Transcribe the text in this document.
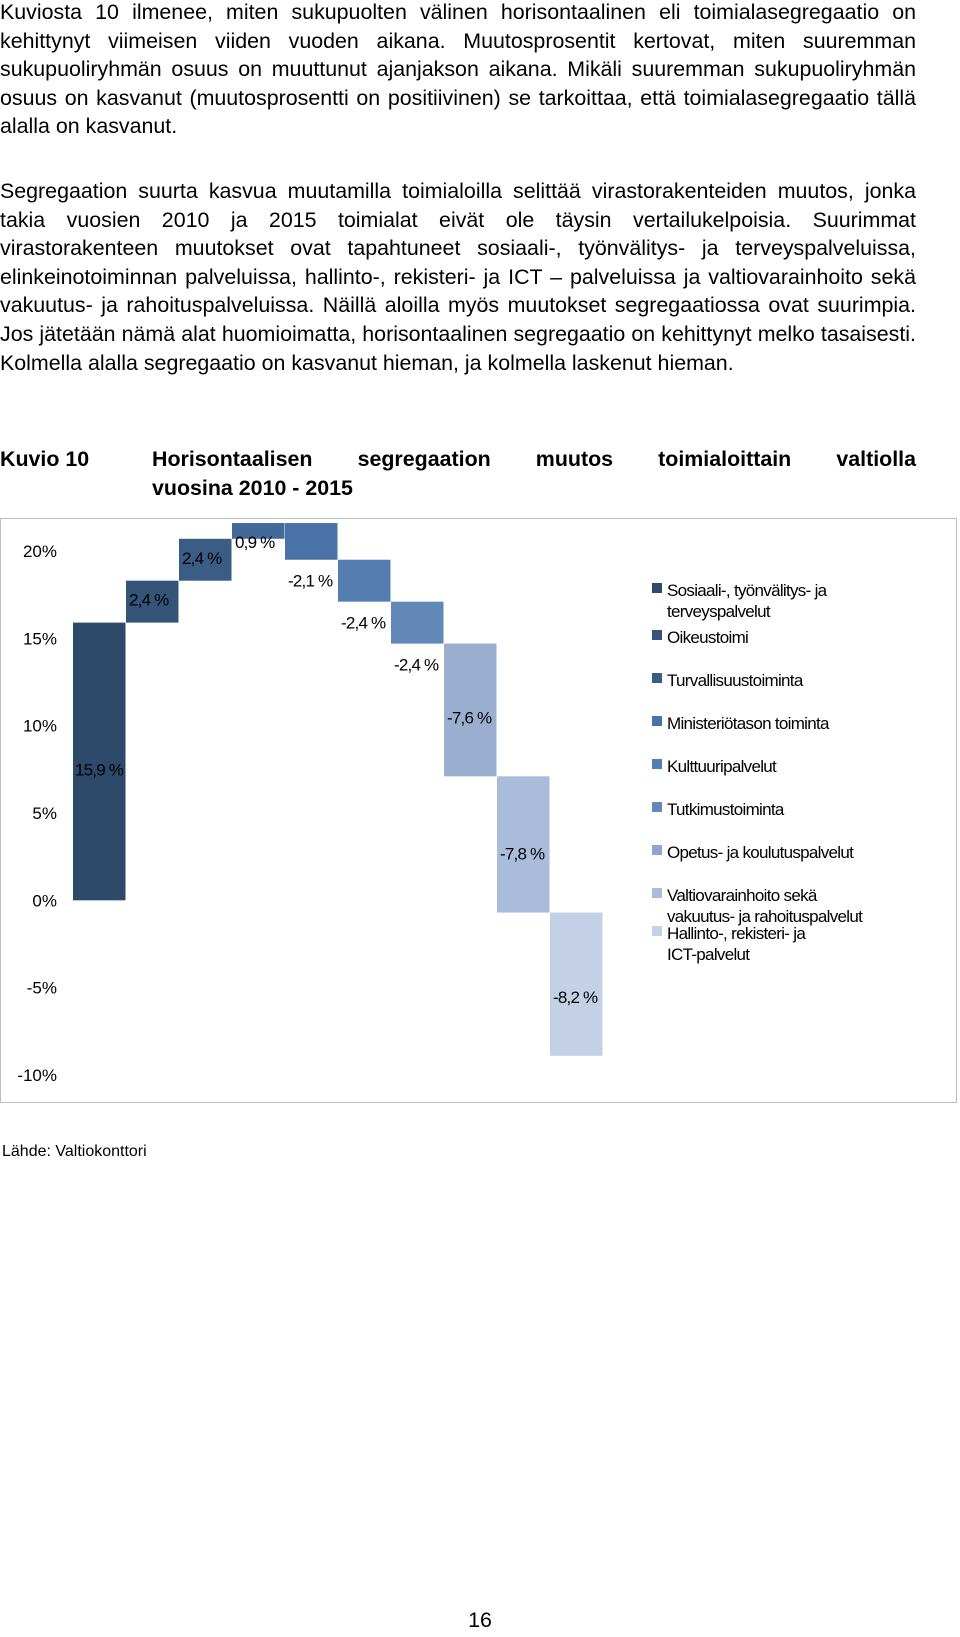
Kuviosta 10 ilmenee, miten sukupuolten välinen horisontaalinen eli toimialasegregaatio on kehittynyt viimeisen viiden vuoden aikana. Muutosprosentit kertovat, miten suuremman sukupuoliryhmän osuus on muuttunut ajanjakson aikana. Mikäli suuremman sukupuoliryhmän osuus on kasvanut (muutosprosentti on positiivinen) se tarkoittaa, että toimialasegregaatio tällä alalla on kasvanut.

Segregaation suurta kasvua muutamilla toimialoilla selittää virastorakenteiden muutos, jonka takia vuosien 2010 ja 2015 toimialat eivät ole täysin vertailukelpoisia. Suurimmat virastorakenteen muutokset ovat tapahtuneet sosiaali-, työnvälitys- ja terveyspalveluissa, elinkeinotoiminnan palveluissa, hallinto-, rekisteri- ja ICT – palveluissa ja valtiovarainhoito sekä vakuutus- ja rahoituspalveluissa. Näillä aloilla myös muutokset segregaatiossa ovat suurimpia. Jos jätetään nämä alat huomioimatta, horisontaalinen segregaatio on kehittynyt melko tasaisesti. Kolmella alalla segregaatio on kasvanut hieman, ja kolmella laskenut hieman.

Kuvio 10	Horisontaalisen segregaation muutos toimialoittain valtiolla
vuosina 2010 - 2015
20%
15%
10%
5%
0%
-5%
-10%
15,9 %
2,4 %
2,4 %
0,9 %
-2,1 %
-2,4 %
-2,4 %
-7,6 %
-7,8 %
-8,2 %
Sosiaali-, työnvälitys- ja terveyspalvelut
Oikeustoimi
Turvallisuustoiminta
Ministeriötason toiminta
Kulttuuripalvelut
Tutkimustoiminta
Opetus- ja koulutuspalvelut
Valtiovarainhoito sekä vakuutus- ja rahoituspalvelut
Hallinto-, rekisteri- ja ICT-palvelut
Lähde: Valtiokonttori
16
